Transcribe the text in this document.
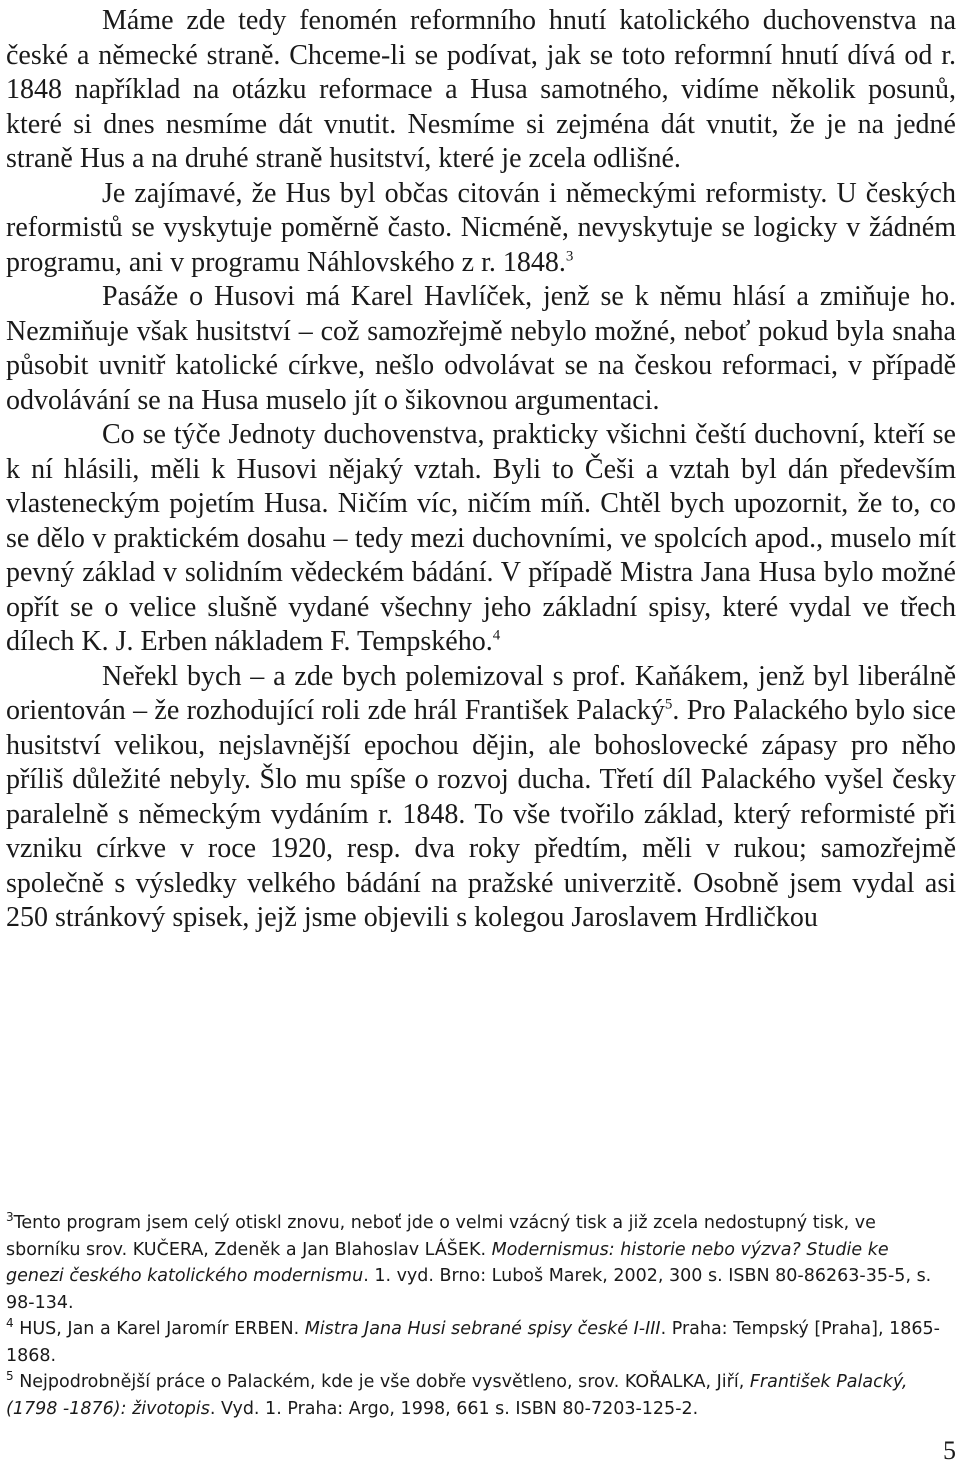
Máme zde tedy fenomén reformního hnutí katolického duchovenstva na české a německé straně. Chceme-li se podívat, jak se toto reformní hnutí dívá od r. 1848 například na otázku reformace a Husa samotného, vidíme několik posunů, které si dnes nesmíme dát vnutit. Nesmíme si zejména dát vnutit, že je na jedné straně Hus a na druhé straně husitství, které je zcela odlišné.

Je zajímavé, že Hus byl občas citován i německými reformisty. U českých reformistů se vyskytuje poměrně často. Nicméně, nevyskytuje se logicky v žádném programu, ani v programu Náhlovského z r. 1848.$^3$

Pasáže o Husovi má Karel Havlíček, jenž se k němu hlásí a zmiňuje ho. Nezmiňuje však husitství – což samozřejmě nebylo možné, neboť pokud byla snaha působit uvnitř katolické církve, nešlo odvolávat se na českou reformaci, v případě odvolávání se na Husa muselo jít o šikovnou argumentaci.

Co se týče Jednoty duchovenstva, prakticky všichni čeští duchovní, kteří se k ní hlásili, měli k Husovi nějaký vztah. Byli to Češi a vztah byl dán především vlasteneckým pojetím Husa. Ničím víc, ničím míň. Chtěl bych upozornit, že to, co se dělo v praktickém dosahu – tedy mezi duchovními, ve spolcích apod., muselo mít pevný základ v solidním vědeckém bádání. V případě Mistra Jana Husa bylo možné opřít se o velice slušně vydané všechny jeho základní spisy, které vydal ve třech dílech K. J. Erben nákladem F. Tempského.$^4$

Neřekl bych – a zde bych polemizoval s prof. Kaňákem, jenž byl liberálně orientován – že rozhodující roli zde hrál František Palacký$^5$. Pro Palackého bylo sice husitství velikou, nejslavnější epochou dějin, ale bohoslovecké zápasy pro něho příliš důležité nebyly. Šlo mu spíše o rozvoj ducha. Třetí díl Palackého vyšel česky paralelně s německým vydáním r. 1848. To vše tvořilo základ, který reformisté při vzniku církve v roce 1920, resp. dva roky předtím, měli v rukou; samozřejmě společně s výsledky velkého bádání na pražské univerzitě. Osobně jsem vydal asi 250 stránkový spisek, jejž jsme objevili s kolegou Jaroslavem Hrdličkou

$^3$Tento program jsem celý otiskl znovu, neboť jde o velmi vzácný tisk a již zcela nedostupný tisk, ve sborníku srov. KUČERA, Zdeněk a Jan Blahoslav LÁŠEK. Modernismus: historie nebo výzva? Studie ke genezi českého katolického modernismu. 1. vyd. Brno: Luboš Marek, 2002, 300 s. ISBN 80-86263-35-5, s. 98-134.

$^4$ HUS, Jan a Karel Jaromír ERBEN. Mistra Jana Husi sebrané spisy české I-III. Praha: Tempský [Praha], 1865-1868.

$^5$ Nejpodrobnější práce o Palackém, kde je vše dobře vysvětleno, srov. KOŘALKA, Jiří, František Palacký, (1798 -1876): životopis. Vyd. 1. Praha: Argo, 1998, 661 s. ISBN 80-7203-125-2.

5
